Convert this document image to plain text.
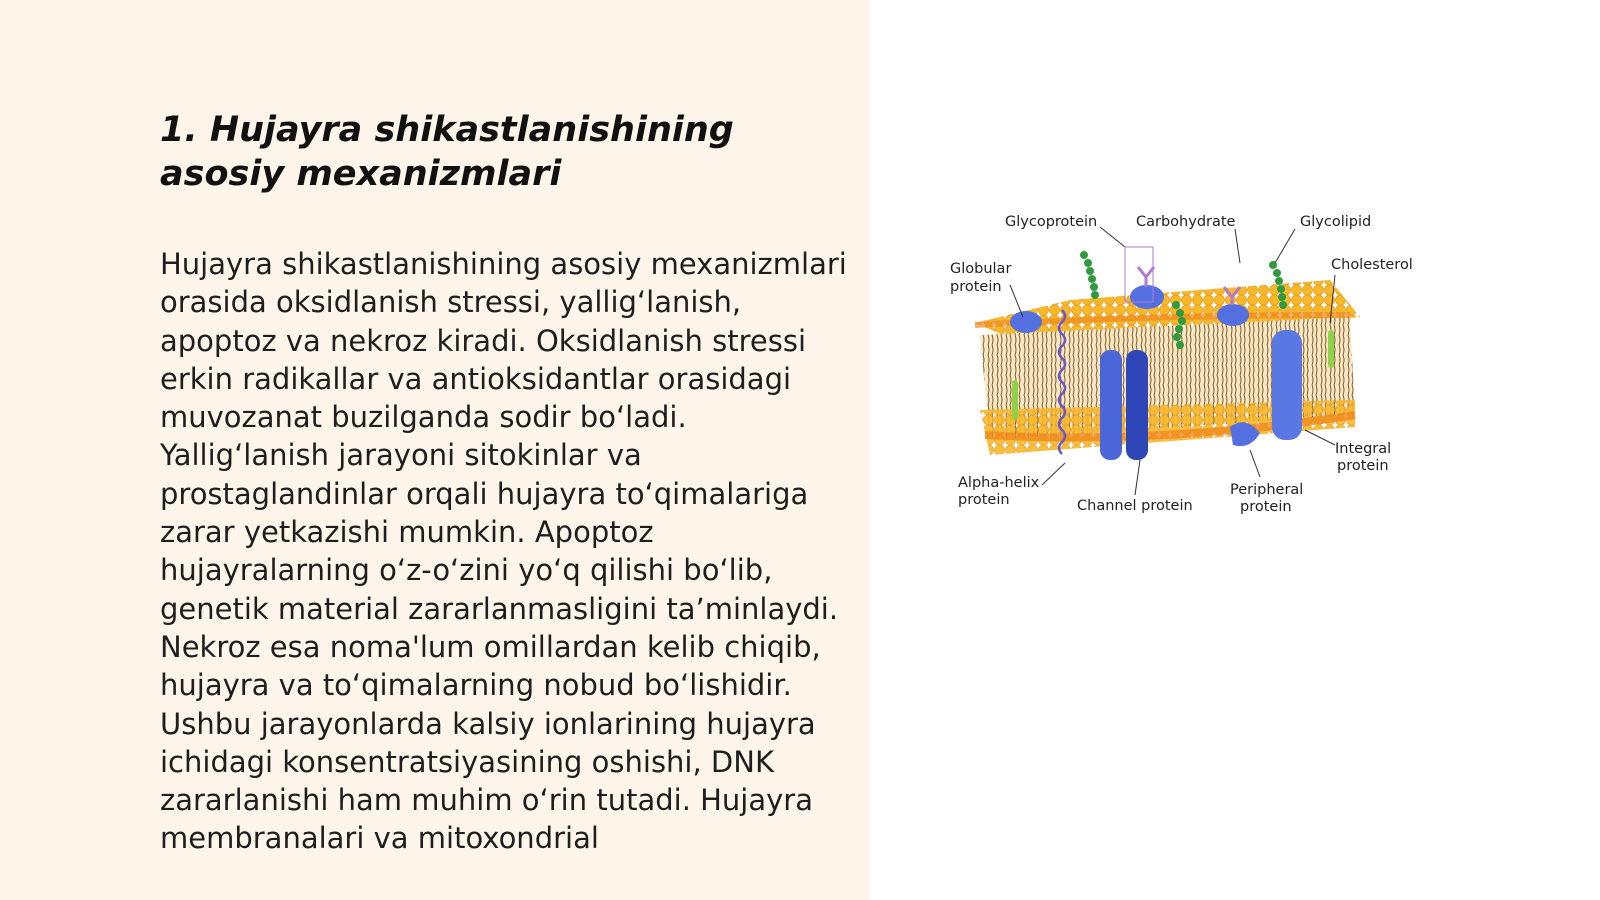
1. Hujayra shikastlanishining asosiy mexanizmlari

Hujayra shikastlanishining asosiy mexanizmlari orasida oksidlanish stressi, yallig‘lanish, apoptoz va nekroz kiradi. Oksidlanish stressi erkin radikallar va antioksidantlar orasidagi muvozanat buzilganda sodir bo‘ladi. Yallig‘lanish jarayoni sitokinlar va prostaglandinlar orqali hujayra to‘qimalariga zarar yetkazishi mumkin. Apoptoz hujayralarning o‘z-o‘zini yo‘q qilishi bo‘lib, genetik material zararlanmasligini ta’minlaydi. Nekroz esa noma'lum omillardan kelib chiqib, hujayra va to‘qimalarning nobud bo‘lishidir. Ushbu jarayonlarda kalsiy ionlarining hujayra ichidagi konsentratsiyasining oshishi, DNK zararlanishi ham muhim o‘rin tutadi. Hujayra membranalari va mitoxondrial

Glycoprotein	Carbohydrate	Glycolipid
Globular
protein
Cholesterol
Integral
protein
Alpha-helix
protein	Channel protein
Peripheral
protein
